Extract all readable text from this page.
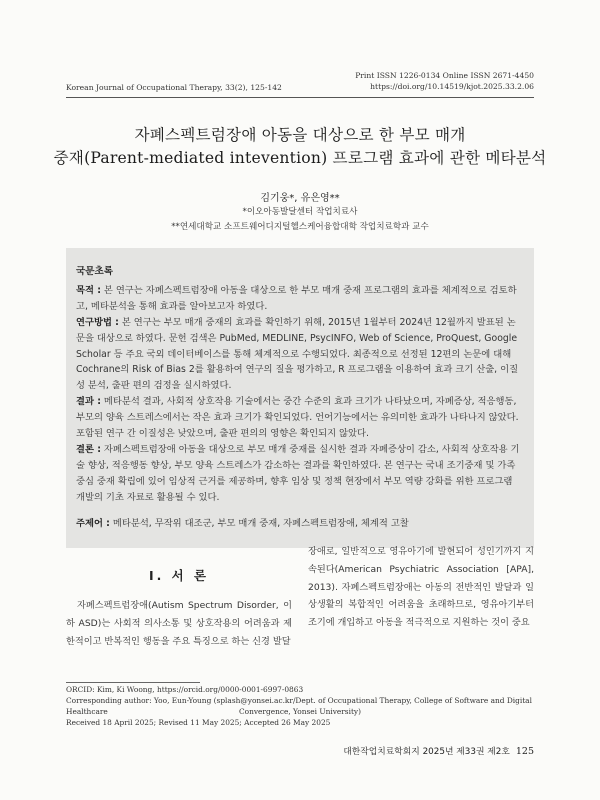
Print ISSN 1226-0134 Online ISSN 2671-4450
https://doi.org/10.14519/kjot.2025.33.2.06
Korean Journal of Occupational Therapy, 33(2), 125-142
자폐스펙트럼장애 아동을 대상으로 한 부모 매개
중재(Parent-mediated intevention) 프로그램 효과에 관한 메타분석
김기웅*, 유은영**
*이오아동발달센터 작업치료사
**연세대학교 소프트웨어디지털헬스케어융합대학 작업치료학과 교수
국문초록

목적 : 본 연구는 자폐스펙트럼장애 아동을 대상으로 한 부모 매개 중재 프로그램의 효과를 체계적으로 검토하고, 메타분석을 통해 효과를 알아보고자 하였다.

연구방법 : 본 연구는 부모 매개 중재의 효과를 확인하기 위해, 2015년 1월부터 2024년 12월까지 발표된 논문을 대상으로 하였다. 문헌 검색은 PubMed, MEDLINE, PsycINFO, Web of Science, ProQuest, Google Scholar 등 주요 국외 데이터베이스를 통해 체계적으로 수행되었다. 최종적으로 선정된 12편의 논문에 대해 Cochrane의 Risk of Bias 2를 활용하여 연구의 질을 평가하고, R 프로그램을 이용하여 효과 크기 산출, 이질성 분석, 출판 편의 검정을 실시하였다.

결과 : 메타분석 결과, 사회적 상호작용 기술에서는 중간 수준의 효과 크기가 나타났으며, 자폐증상, 적응행동, 부모의 양육 스트레스에서는 작은 효과 크기가 확인되었다. 언어기능에서는 유의미한 효과가 나타나지 않았다. 포함된 연구 간 이질성은 낮았으며, 출판 편의의 영향은 확인되지 않았다.

결론 : 자폐스펙트럼장애 아동을 대상으로 부모 매개 중재를 실시한 결과 자폐증상이 감소, 사회적 상호작용 기술 향상, 적응행동 향상, 부모 양육 스트레스가 감소하는 결과를 확인하였다. 본 연구는 국내 조기중재 및 가족 중심 중재 확립에 있어 임상적 근거를 제공하며, 향후 임상 및 정책 현장에서 부모 역량 강화를 위한 프로그램 개발의 기초 자료로 활용될 수 있다.

주제어 : 메타분석, 무작위 대조군, 부모 매개 중재, 자폐스펙트럼장애, 체계적 고찰

Ⅰ. 서 론
자폐스펙트럼장애(Autism Spectrum Disorder, 이하 ASD)는 사회적 의사소통 및 상호작용의 어려움과 제한적이고 반복적인 행동을 주요 특징으로 하는 신경 발달
장애로, 일반적으로 영유아기에 발현되어 성인기까지 지속된다(American Psychiatric Association [APA], 2013). 자폐스펙트럼장애는 아동의 전반적인 발달과 일상생활의 복합적인 어려움을 초래하므로, 영유아기부터 조기에 개입하고 아동을 적극적으로 지원하는 것이 중요
ORCID: Kim, Ki Woong, https://orcid.org/0000-0001-6997-0863
Corresponding author: Yoo, Eun-Young (splash@yonsei.ac.kr/Dept. of Occupational Therapy, College of Software and Digital Healthcare	Convergence, Yonsei University)
Received 18 April 2025; Revised 11 May 2025; Accepted 26 May 2025
대한작업치료학회지 2025년 제33권 제2호 125
